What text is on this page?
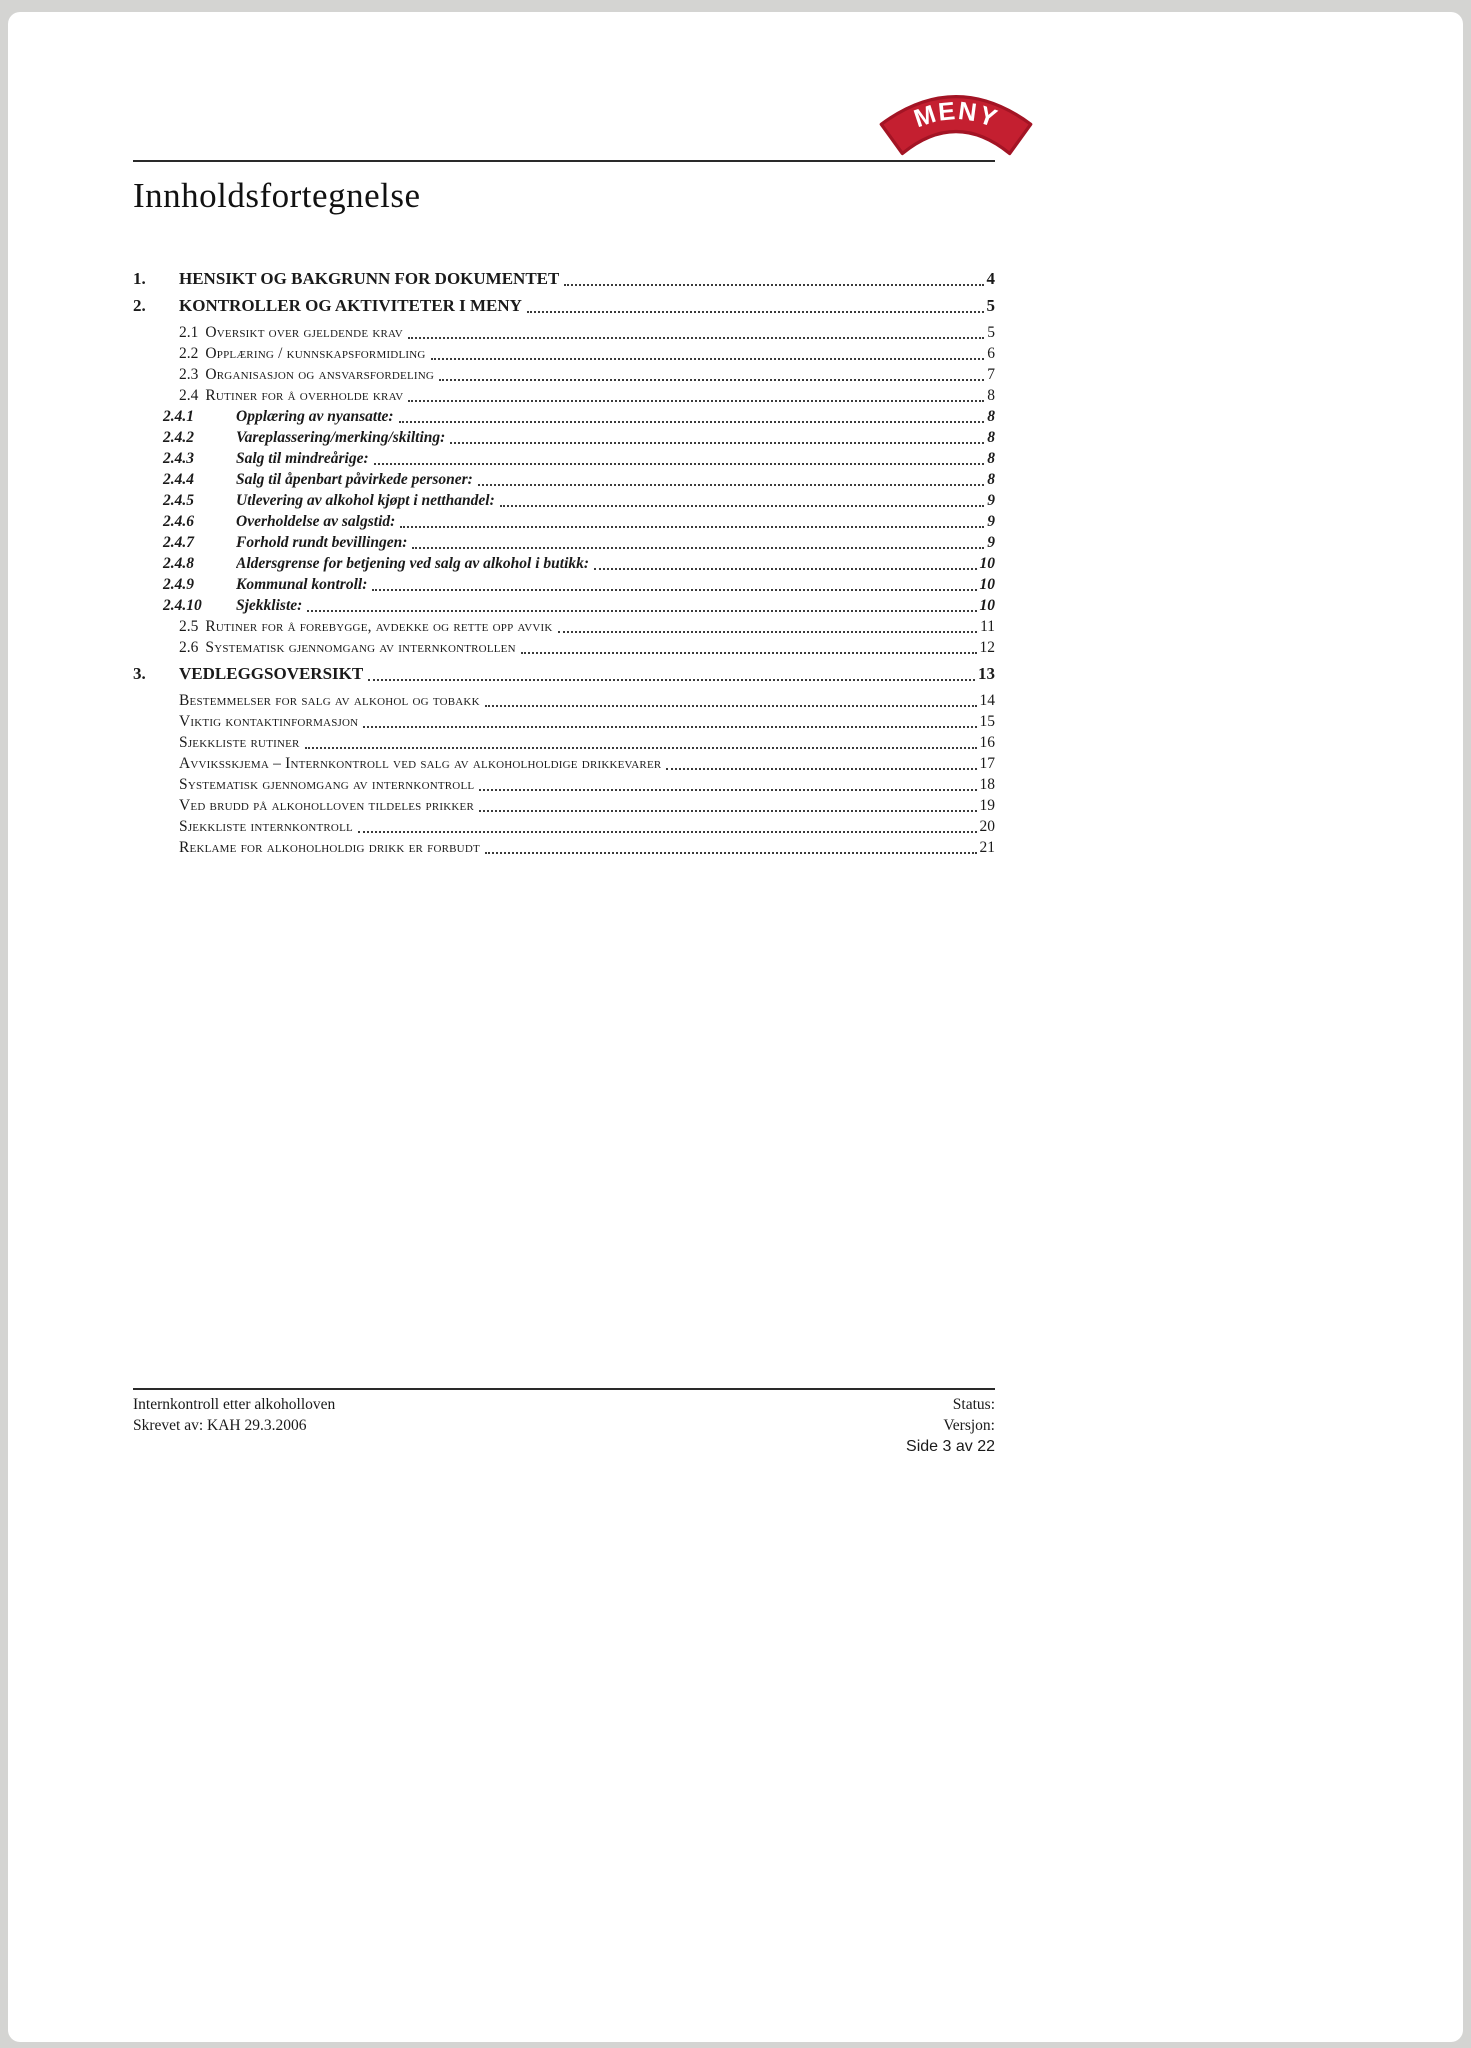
MENY
Innholdsfortegnelse
1.	HENSIKT OG BAKGRUNN FOR DOKUMENTET	4
2.	KONTROLLER OG AKTIVITETER I MENY	5
2.1 Oversikt over gjeldende krav	5
2.2 Opplæring / kunnskapsformidling	6
2.3 Organisasjon og ansvarsfordeling	7
2.4 Rutiner for å overholde krav	8
2.4.1	Opplæring av nyansatte:	8
2.4.2	Vareplassering/merking/skilting:	8
2.4.3	Salg til mindreårige:	8
2.4.4	Salg til åpenbart påvirkede personer:	8
2.4.5	Utlevering av alkohol kjøpt i netthandel:	9
2.4.6	Overholdelse av salgstid:	9
2.4.7	Forhold rundt bevillingen:	9
2.4.8	Aldersgrense for betjening ved salg av alkohol i butikk:	10
2.4.9	Kommunal kontroll:	10
2.4.10	Sjekkliste:	10
2.5 Rutiner for å forebygge, avdekke og rette opp avvik	11
2.6 Systematisk gjennomgang av internkontrollen	12
3.	VEDLEGGSOVERSIKT	13
Bestemmelser for salg av alkohol og tobakk	14
Viktig kontaktinformasjon	15
Sjekkliste rutiner	16
Avviksskjema – Internkontroll ved salg av alkoholholdige drikkevarer	17
Systematisk gjennomgang av internkontroll	18
Ved brudd på alkoholloven tildeles prikker	19
Sjekkliste internkontroll	20
Reklame for alkoholholdig drikk er forbudt	21
Internkontroll etter alkoholloven
Skrevet av: KAH 29.3.2006
Status:
Versjon:
Side 3 av 22
